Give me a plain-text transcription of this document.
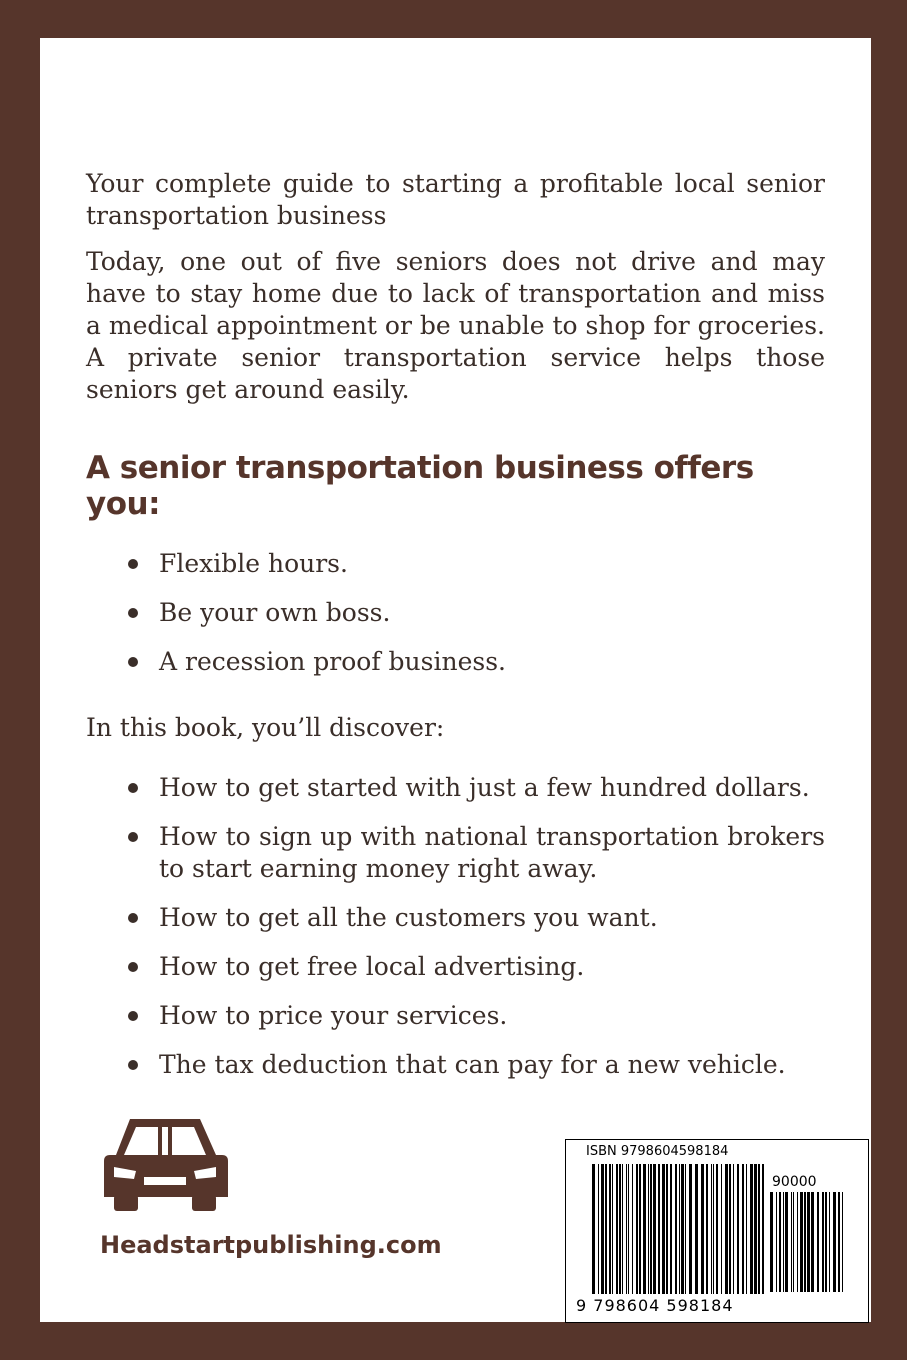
Your complete guide to starting a profitable local senior transportation business

Today, one out of five seniors does not drive and may have to stay home due to lack of transportation and miss a medical appointment or be unable to shop for groceries. A private senior transportation service helps those seniors get around easily.

A senior transportation business offers you:
Flexible hours.
Be your own boss.
A recession proof business.

In this book, you’ll discover:

How to get started with just a few hundred dollars.
How to sign up with national transportation brokers to start earning money right away.
How to get all the customers you want.
How to get free local advertising.
How to price your services.
The tax deduction that can pay for a new vehicle.
Headstartpublishing.com
ISBN 9798604598184
90000
9 798604 598184
